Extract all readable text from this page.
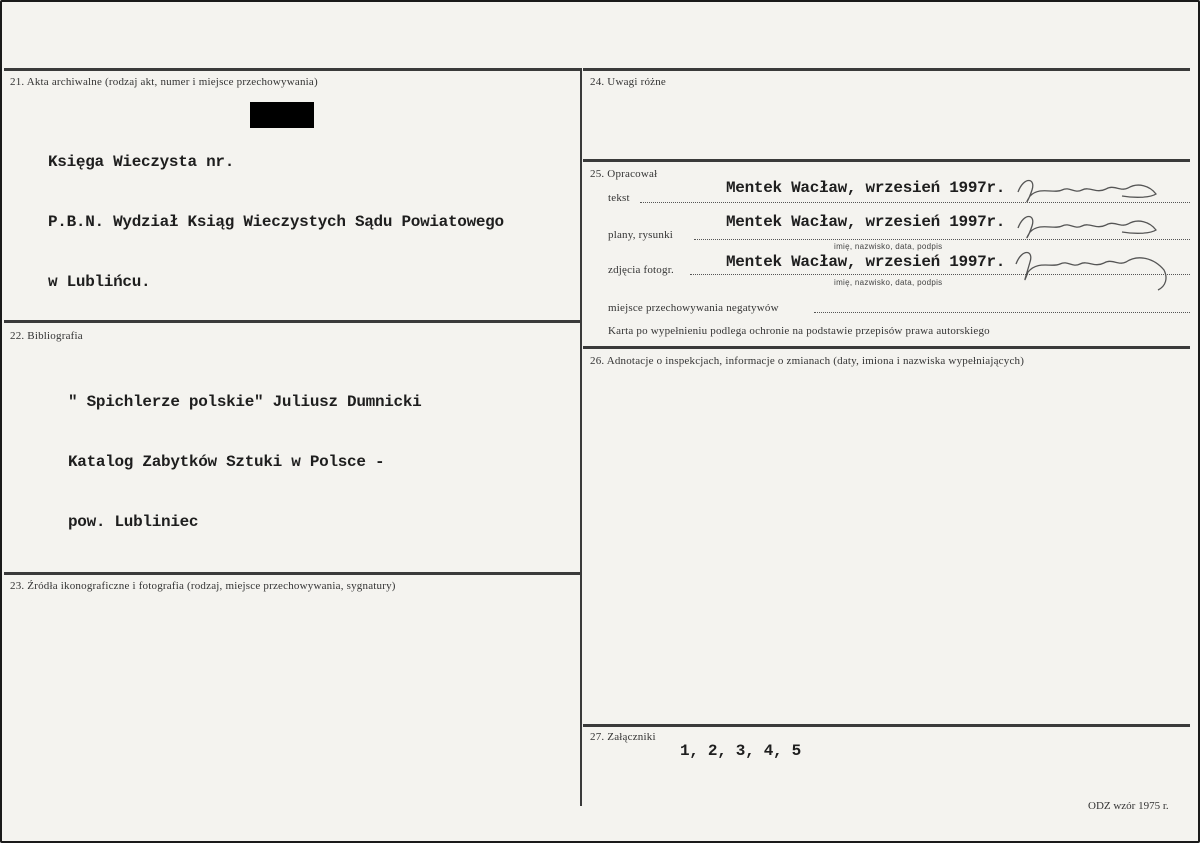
21. Akta archiwalne (rodzaj akt, numer i miejsce przechowywania)

Księga Wieczysta nr.

P.B.N. Wydział Ksiąg Wieczystych Sądu Powiatowego

w Lublińcu.

22. Bibliografia

" Spichlerze polskie" Juliusz Dumnicki

Katalog Zabytków Sztuki w Polsce -

pow. Lubliniec

23. Źródła ikonograficzne i fotografia (rodzaj, miejsce przechowywania, sygnatury)
24. Uwagi różne
25. Opracował
tekst
Mentek Wacław, wrzesień 1997r.
plany, rysunki
Mentek Wacław, wrzesień 1997r.
imię, nazwisko, data, podpis
zdjęcia fotogr.	Mentek Wacław, wrzesień 1997r.
imię, nazwisko, data, podpis
miejsce przechowywania negatywów
Karta po wypełnieniu podlega ochronie na podstawie przepisów prawa autorskiego
26. Adnotacje o inspekcjach, informacje o zmianach (daty, imiona i nazwiska wypełniających)
27. Załączniki
1, 2, 3, 4, 5
ODZ wzór 1975 r.
